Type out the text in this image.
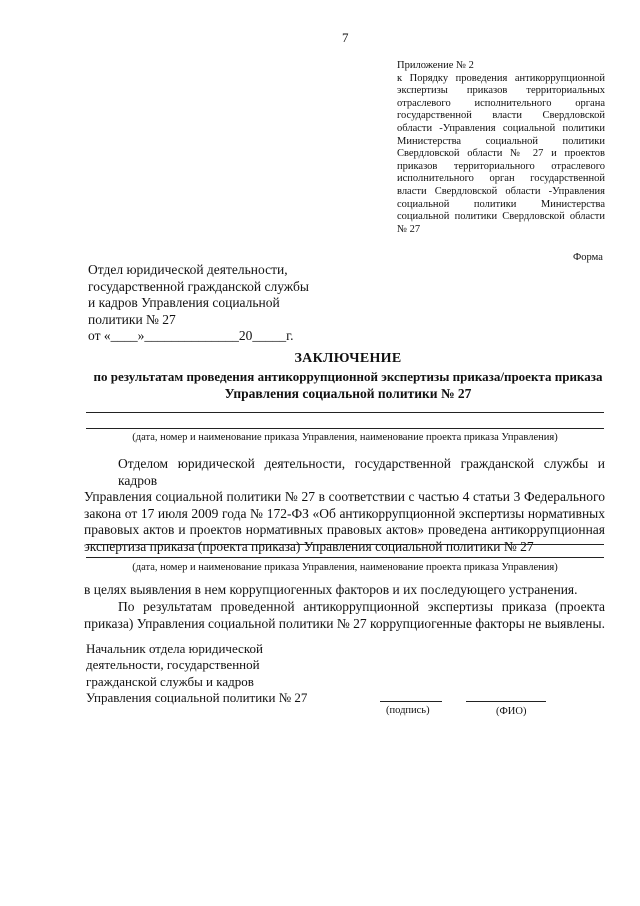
7
Приложение № 2
к Порядку проведения антикоррупционной экспертизы приказов территориальных отраслевого исполнительного органа государственной власти Свердловской области -Управления социальной политики Министерства социальной политики Свердловской области № 27 и проектов приказов территориального отраслевого исполнительного орган государственной власти Свердловской области -Управления социальной политики Министерства социальной политики Свердловской области № 27
Форма
Отдел юридической деятельности,
государственной гражданской службы
и кадров Управления социальной
политики № 27
от «____»______________20_____г.
ЗАКЛЮЧЕНИЕ
по результатам проведения антикоррупционной экспертизы приказа/проекта приказа
Управления социальной политики № 27
(дата, номер и наименование приказа Управления, наименование проекта приказа Управления)
Отделом юридической деятельности, государственной гражданской службы и кадров
Управления социальной политики № 27 в соответствии с частью 4 статьи 3 Федерального
закона от 17 июля 2009 года № 172-ФЗ «Об антикоррупционной экспертизы нормативных
правовых актов и проектов нормативных правовых актов» проведена антикоррупционная
экспертиза приказа (проекта приказа) Управления социальной политики № 27
(дата, номер и наименование приказа Управления, наименование проекта приказа Управления)
в целях выявления в нем коррупциогенных факторов и их последующего устранения.
По результатам проведенной антикоррупционной экспертизы приказа (проекта
приказа) Управления социальной политики № 27 коррупциогенные факторы не выявлены.
Начальник отдела юридической
деятельности, государственной
гражданской службы и кадров
Управления социальной политики № 27
(подпись)	(ФИО)
